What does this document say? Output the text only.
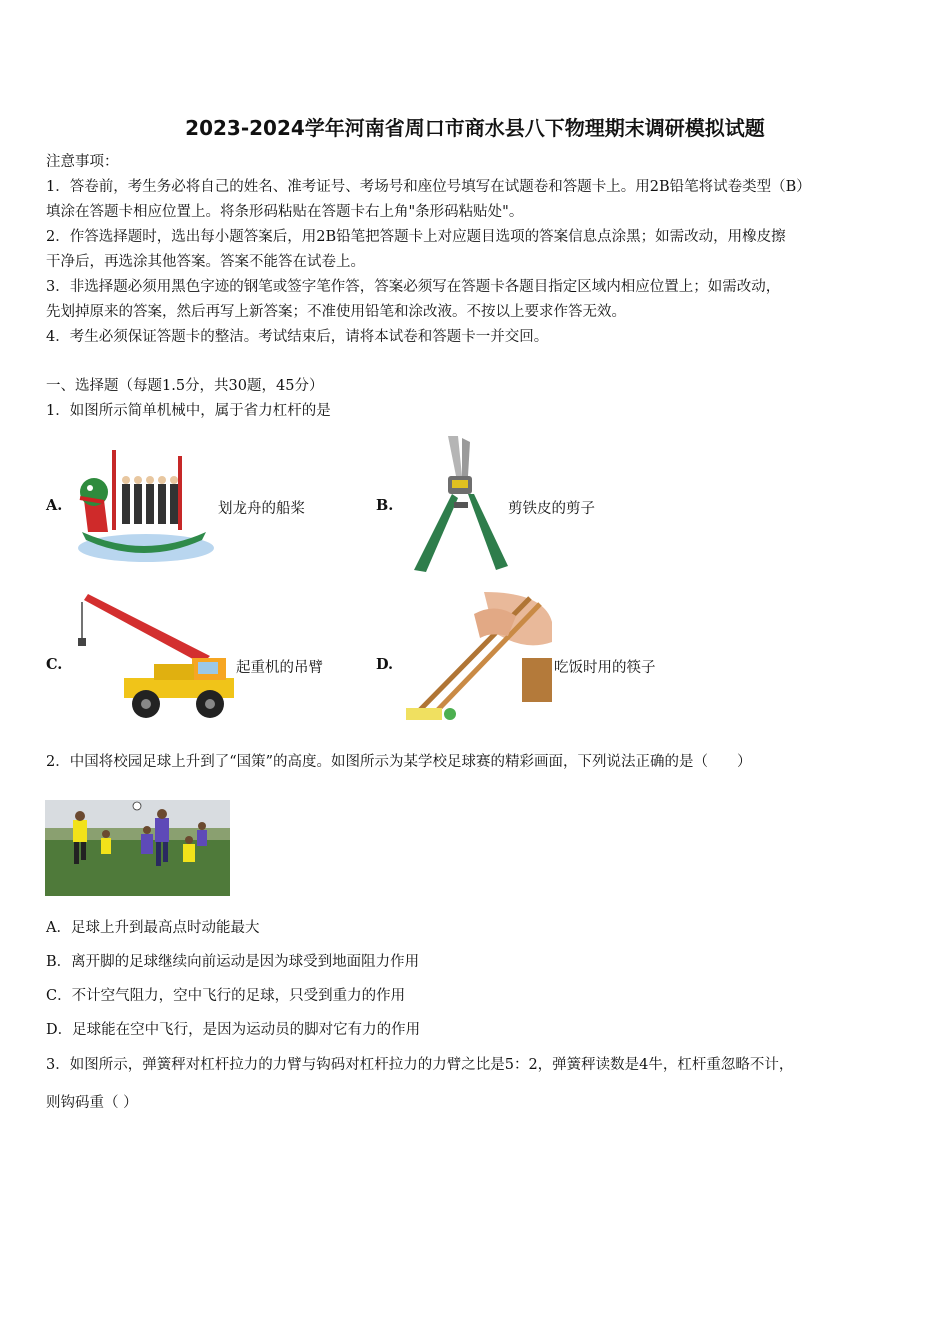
2023-2024学年河南省周口市商水县八下物理期末调研模拟试题
注意事项：
1．答卷前，考生务必将自己的姓名、准考证号、考场号和座位号填写在试题卷和答题卡上。用2B铅笔将试卷类型（B）
填涂在答题卡相应位置上。将条形码粘贴在答题卡右上角"条形码粘贴处"。
2．作答选择题时，选出每小题答案后，用2B铅笔把答题卡上对应题目选项的答案信息点涂黑；如需改动，用橡皮擦
干净后，再选涂其他答案。答案不能答在试卷上。
3．非选择题必须用黑色字迹的钢笔或签字笔作答，答案必须写在答题卡各题目指定区域内相应位置上；如需改动，
先划掉原来的答案，然后再写上新答案；不准使用铅笔和涂改液。不按以上要求作答无效。
4．考生必须保证答题卡的整洁。考试结束后，请将本试卷和答题卡一并交回。
一、选择题（每题1.5分，共30题，45分）
1．如图所示简单机械中，属于省力杠杆的是
A.	划龙舟的船桨	B.	剪铁皮的剪子
C.	起重机的吊臂	D.	吃饭时用的筷子
2．中国将校园足球上升到了“国策”的高度。如图所示为某学校足球赛的精彩画面，下列说法正确的是（　　）
A．足球上升到最高点时动能最大
B．离开脚的足球继续向前运动是因为球受到地面阻力作用
C．不计空气阻力，空中飞行的足球，只受到重力的作用
D．足球能在空中飞行，是因为运动员的脚对它有力的作用
3．如图所示，弹簧秤对杠杆拉力的力臂与钩码对杠杆拉力的力臂之比是5：2，弹簧秤读数是4牛，杠杆重忽略不计，
则钩码重（ ）
